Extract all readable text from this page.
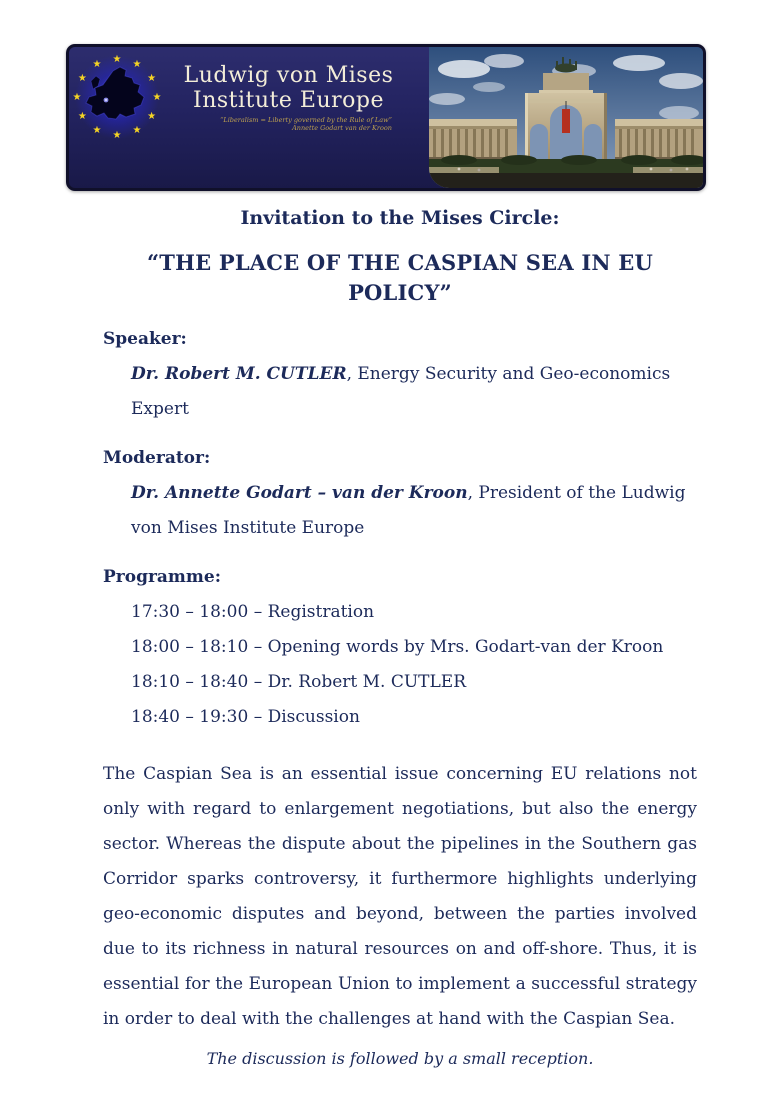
★ ★
★
★
★
★
★
★
★
★
★
★	Ludwig von Mises
Institute Europe
“Liberalism = Liberty governed by the Rule of Law”
Annette Godart van der Kroon
Invitation to the Mises Circle:
“THE PLACE OF THE CASPIAN SEA IN EU POLICY”
Speaker:
Dr. Robert M. CUTLER, Energy Security and Geo-economics Expert
Moderator:
Dr. Annette Godart – van der Kroon, President of the Ludwig von Mises Institute Europe
Programme:
17:30 – 18:00 – Registration
18:00 – 18:10 – Opening words by Mrs. Godart-van der Kroon
18:10 – 18:40 – Dr. Robert M. CUTLER
18:40 – 19:30 – Discussion
The Caspian Sea is an essential issue concerning EU relations not only with regard to enlargement negotiations, but also the energy sector. Whereas the dispute about the pipelines in the Southern gas Corridor sparks controversy, it furthermore highlights underlying geo-economic disputes and beyond, between the parties involved due to its richness in natural resources on and off-shore. Thus, it is essential for the European Union to implement a successful strategy in order to deal with the challenges at hand with the Caspian Sea.
The discussion is followed by a small reception.
